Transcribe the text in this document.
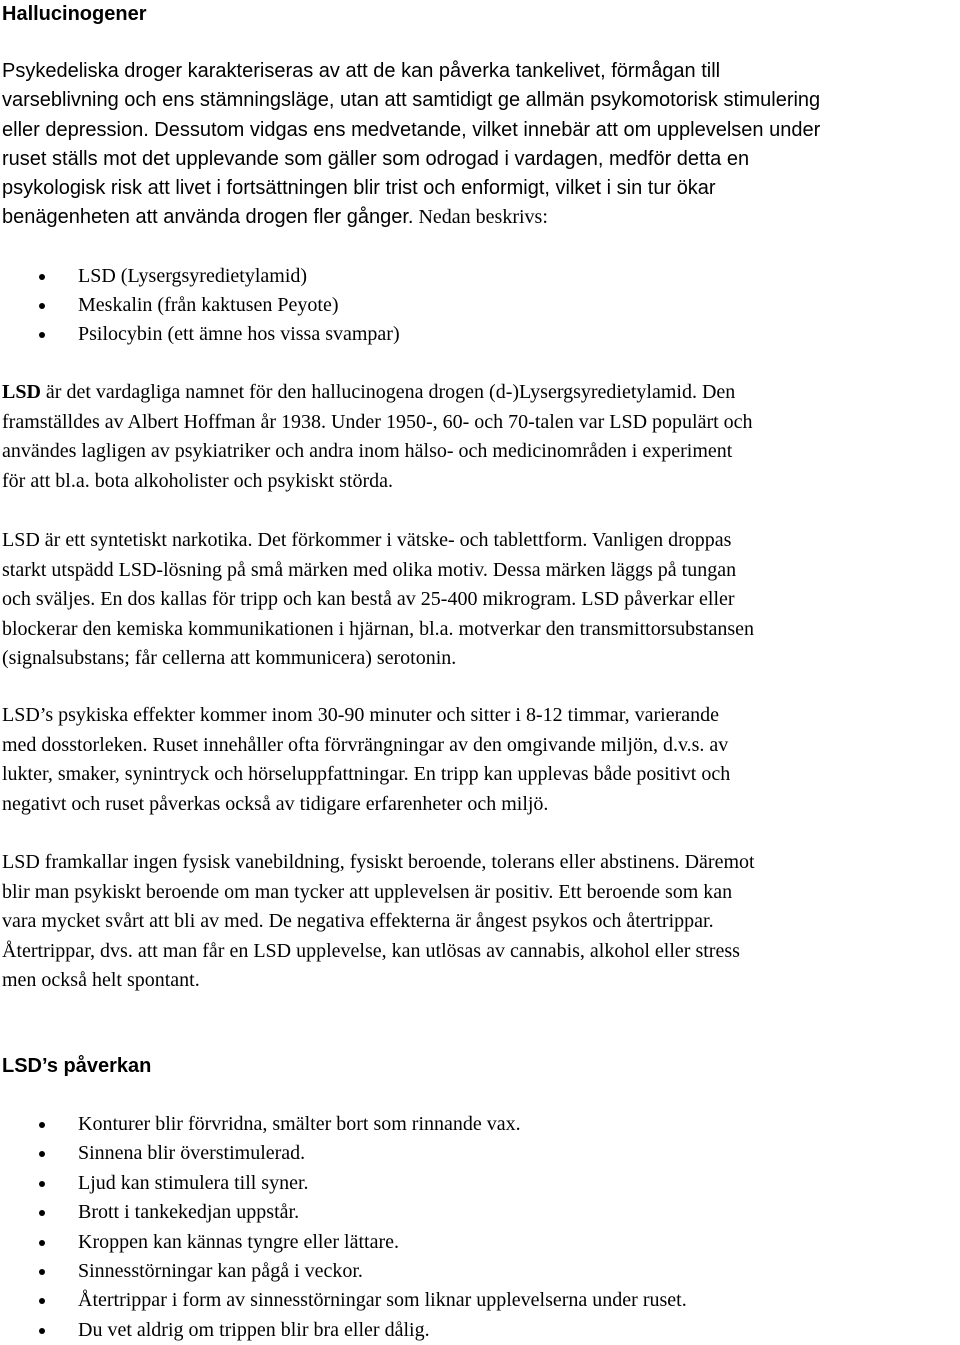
Hallucinogener

Psykedeliska droger karakteriseras av att de kan påverka tankelivet, förmågan till
varseblivning och ens stämningsläge, utan att samtidigt ge allmän psykomotorisk stimulering
eller depression. Dessutom vidgas ens medvetande, vilket innebär att om upplevelsen under
ruset ställs mot det upplevande som gäller som odrogad i vardagen, medför detta en
psykologisk risk att livet i fortsättningen blir trist och enformigt, vilket i sin tur ökar
benägenheten att använda drogen fler gånger. Nedan beskrivs:

LSD (Lysergsyredietylamid)
Meskalin (från kaktusen Peyote)
Psilocybin (ett ämne hos vissa svampar)

LSD är det vardagliga namnet för den hallucinogena drogen (d-)Lysergsyredietylamid. Den
framställdes av Albert Hoffman år 1938. Under 1950-, 60- och 70-talen var LSD populärt och
användes lagligen av psykiatriker och andra inom hälso- och medicinområden i experiment
för att bl.a. bota alkoholister och psykiskt störda.

LSD är ett syntetiskt narkotika. Det förkommer i vätske- och tablettform. Vanligen droppas
starkt utspädd LSD-lösning på små märken med olika motiv. Dessa märken läggs på tungan
och sväljes. En dos kallas för tripp och kan bestå av 25-400 mikrogram. LSD påverkar eller
blockerar den kemiska kommunikationen i hjärnan, bl.a. motverkar den transmittorsubstansen
(signalsubstans; får cellerna att kommunicera) serotonin.

LSD’s psykiska effekter kommer inom 30-90 minuter och sitter i 8-12 timmar, varierande
med dosstorleken. Ruset innehåller ofta förvrängningar av den omgivande miljön, d.v.s. av
lukter, smaker, synintryck och hörseluppfattningar. En tripp kan upplevas både positivt och
negativt och ruset påverkas också av tidigare erfarenheter och miljö.

LSD framkallar ingen fysisk vanebildning, fysiskt beroende, tolerans eller abstinens. Däremot
blir man psykiskt beroende om man tycker att upplevelsen är positiv. Ett beroende som kan
vara mycket svårt att bli av med. De negativa effekterna är ångest psykos och återtrippar.
Återtrippar, dvs. att man får en LSD upplevelse, kan utlösas av cannabis, alkohol eller stress
men också helt spontant.

LSD’s påverkan
Konturer blir förvridna, smälter bort som rinnande vax.
Sinnena blir överstimulerad.
Ljud kan stimulera till syner.
Brott i tankekedjan uppstår.
Kroppen kan kännas tyngre eller lättare.
Sinnesstörningar kan pågå i veckor.
Återtrippar i form av sinnesstörningar som liknar upplevelserna under ruset.
Du vet aldrig om trippen blir bra eller dålig.
